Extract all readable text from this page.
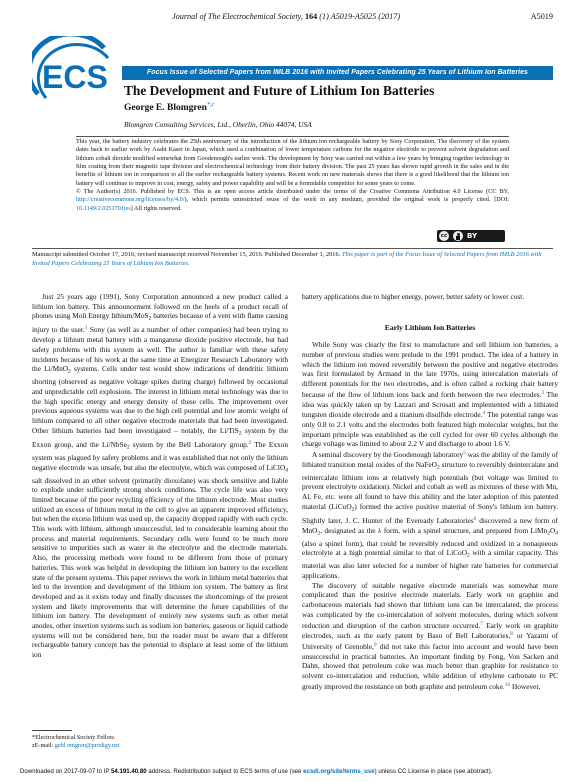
Journal of The Electrochemical Society, 164 (1) A5019-A5025 (2017)	A5019
ECS	Focus Issue of Selected Papers from IMLB 2016 with Invited Papers Celebrating 25 Years of Lithium Ion Batteries
The Development and Future of Lithium Ion Batteries
George E. Blomgren$^{*,z}$
Blomgren Consulting Services, Ltd., Oberlin, Ohio 44074, USA

This year, the battery industry celebrates the 25th anniversary of the introduction of the lithium ion rechargeable battery by Sony Corporation. The discovery of the system dates back to earlier work by Asahi Kasei in Japan, which used a combination of lower temperature carbons for the negative electrode to prevent solvent degradation and lithium cobalt dioxide modified somewhat from Goodenough's earlier work. The development by Sony was carried out within a few years by bringing together technology in film coating from their magnetic tape division and electrochemical technology from their battery division. The past 25 years has shown rapid growth in the sales and in the benefits of lithium ion in comparison to all the earlier rechargeable battery systems. Recent work on new materials shows that there is a good likelihood that the lithium ion battery will continue to improve in cost, energy, safety and power capability and will be a formidable competitor for some years to come.

© The Author(s) 2016. Published by ECS. This is an open access article distributed under the terms of the Creative Commons Attribution 4.0 License (CC BY, http://creativecommons.org/licenses/by/4.0/), which permits unrestricted reuse of the work in any medium, provided the original work is properly cited. [DOI: 10.1149/2.0251701jes] All rights reserved.

cc	BY
Manuscript submitted October 17, 2016; revised manuscript received November 15, 2016. Published December 1, 2016. This paper is part of the Focus Issue of Selected Papers from IMLB 2016 with Invited Papers Celebrating 25 Years of Lithium Ion Batteries.

Just 25 years ago (1991), Sony Corporation announced a new product called a lithium ion battery. This announcement followed on the heels of a product recall of phones using Moli Energy lithium/MoS$_2$ batteries because of a vent with flame causing injury to the user.$^1$ Sony (as well as a number of other companies) had been trying to develop a lithium metal battery with a manganese dioxide positive electrode, but had safety problems with this system as well. The author is familiar with these safety incidents because of his work at the same time at Energizer Research Laboratory with the Li/MnO$_2$ systems. Cells under test would show indications of dendritic lithium shorting (observed as negative voltage spikes during charge) followed by occasional and unpredictable cell explosions. The interest in lithium metal technology was due to the high specific energy and energy density of these cells. The improvement over previous aqueous systems was due to the high cell potential and low atomic weight of lithium compared to all other negative electrode materials that had been investigated. Other lithium batteries had been investigated – notably, the Li/TiS$_2$ system by the Exxon group, and the Li/NbSe$_2$ system by the Bell Laboratory group.$^2$ The Exxon system was plagued by safety problems and it was established that not only the lithium negative electrode was unsafe, but also the electrolyte, which was composed of LiClO$_4$ salt dissolved in an ether solvent (primarily dioxolane) was shock sensitive and liable to explode under sufficiently strong shock conditions. The cycle life was also very limited because of the poor recycling efficiency of the lithium electrode. Most studies utilized an excess of lithium metal in the cell to give an apparent improved efficiency, but when the excess lithium was used up, the capacity dropped rapidly with each cycle. This work with lithium, although unsuccessful, led to considerable learning about the process and material requirements. Secondary cells were found to be much more sensitive to impurities such as water in the electrolyte and the electrode materials. Also, the processing methods were found to be different from those of primary batteries. This work was helpful in developing the lithium ion battery to the excellent state of the present systems. This paper reviews the work in lithium metal batteries that led to the invention and development of the lithium ion system. The battery as first developed and as it exists today and finally discusses the shortcomings of the present system and likely improvements that will determine the future capabilities of the lithium ion battery. The development of entirely new systems such as other metal anodes, other insertion systems such as sodium ion batteries, gaseous or liquid cathode systems will not be considered here, but the reader must be aware that a different rechargeable battery concept has the potential to displace at least some of the lithium ion

battery applications due to higher energy, power, better safety or lower cost.

Early Lithium Ion Batteries

While Sony was clearly the first to manufacture and sell lithium ion batteries, a number of previous studies were prelude to the 1991 product. The idea of a battery in which the lithium ion moved reversibly between the positive and negative electrodes was first formulated by Armand in the late 1970s, using intercalation materials of different potentials for the two electrodes, and is often called a rocking chair battery because of the flow of lithium ions back and forth between the two electrodes.$^3$ The idea was quickly taken up by Lazzari and Scrosati and implemented with a lithiated tungsten dioxide electrode and a titanium disulfide electrode.$^4$ The potential range was only 0.8 to 2.1 volts and the electrodes both featured high molecular weights, but the important principle was established as the cell cycled for over 60 cycles although the charge voltage was limited to about 2.2 V and discharge to about 1.6 V.

A seminal discovery by the Goodenough laboratory$^5$ was the ability of the family of lithiated transition metal oxides of the NaFeO$_2$ structure to reversibly deintercalate and reintercalate lithium ions at relatively high potentials (but voltage was limited to prevent electrolyte oxidation). Nickel and cobalt as well as mixtures of these with Mn, Al, Fe, etc. were all found to have this ability and the later adoption of this patented material (LiCoO$_2$) formed the active positive material of Sony's lithium ion battery. Slightly later, J. C. Hunter of the Eveready Laboratories$^6$ discovered a new form of MnO$_2$, designated as the λ form, with a spinel structure, and prepared from $LiMn_2O_4$ (also a spinel form), that could be reversibly reduced and oxidized in a nonaqueous electrolyte at a high potential similar to that of LiCoO$_2$ with a similar capacity. This material was also later selected for a number of higher rate batteries for commercial applications.

The discovery of suitable negative electrode materials was somewhat more complicated than the positive electrode materials. Early work on graphite and carbonaceous materials had shown that lithium ions can be intercalated, the process was complicated by the co-intercalation of solvent molecules, during which solvent reduction and disruption of the carbon structure occurred.$^7$ Early work on graphite electrodes, such as the early patent by Basu of Bell Laboratories,$^8$ or Yazami of University of Grenoble,$^9$ did not take this factor into account and would have been unsuccessful in practical batteries. An important finding by Fong, Von Sacken and Dahn, showed that petroleum coke was much better than graphite for resistance to solvent co-intercalation and reduction, while addition of ethylene carbonate to PC greatly improved the resistance on both graphite and petroleum coke.$^{10}$ However,

*Electrochemical Society Fellow.
zE-mail: gebl omgren@prodigy.net
Downloaded on 2017-09-07 to IP 54.191.40.80 address. Redistribution subject to ECS terms of use (see ecsdl.org/site/terms_use) unless CC License in place (see abstract).
